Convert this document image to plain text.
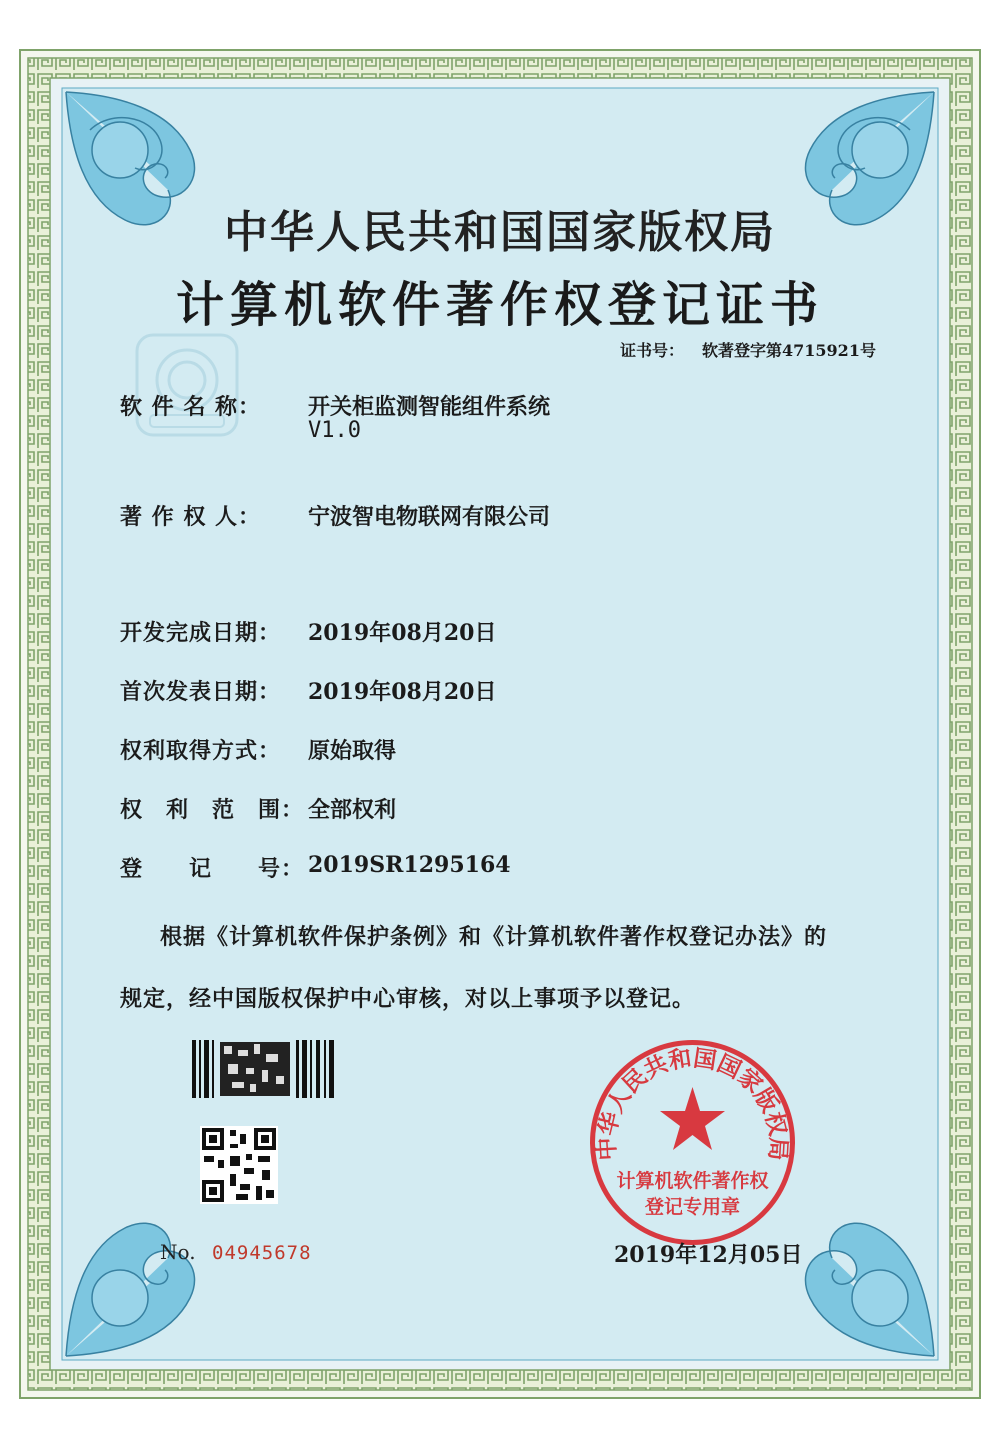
中华人民共和国国家版权局
计算机软件著作权登记证书
证书号： 软著登字第4715921号
软 件 名 称： 开关柜监测智能组件系统
V1.0
著 作 权 人： 宁波智电物联网有限公司
开发完成日期： 2019年08月20日
首次发表日期： 2019年08月20日
权利取得方式： 原始取得
权　利　范　围： 全部权利
登　　记　　号： 2019SR1295164
根据《计算机软件保护条例》和《计算机软件著作权登记办法》的
规定，经中国版权保护中心审核，对以上事项予以登记。
No. 04945678
中华人民共和国国家版权局
计算机软件著作权
登记专用章
2019年12月05日
